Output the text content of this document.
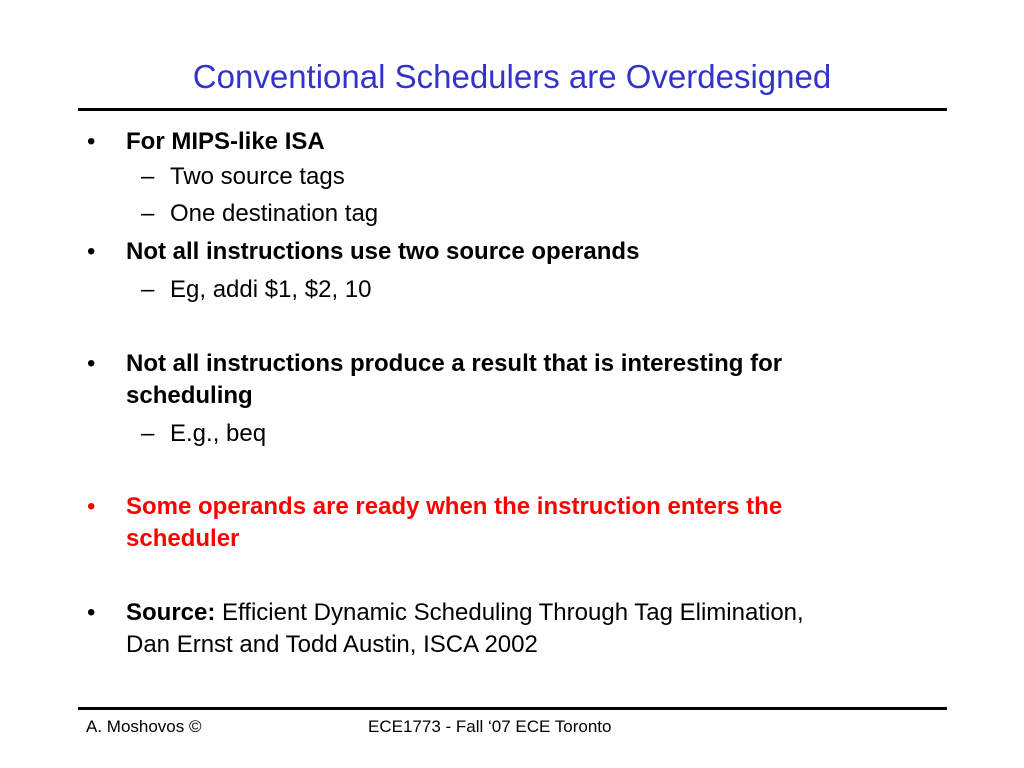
Conventional Schedulers are Overdesigned
• For MIPS-like ISA
– Two source tags
– One destination tag
• Not all instructions use two source operands
– Eg, addi $1, $2, 10
• Not all instructions produce a result that is interesting for
scheduling
– E.g., beq
• Some operands are ready when the instruction enters the
scheduler
• Source: Efficient Dynamic Scheduling Through Tag Elimination,
Dan Ernst and Todd Austin, ISCA 2002
A. Moshovos ©	ECE1773 - Fall ‘07 ECE Toronto
